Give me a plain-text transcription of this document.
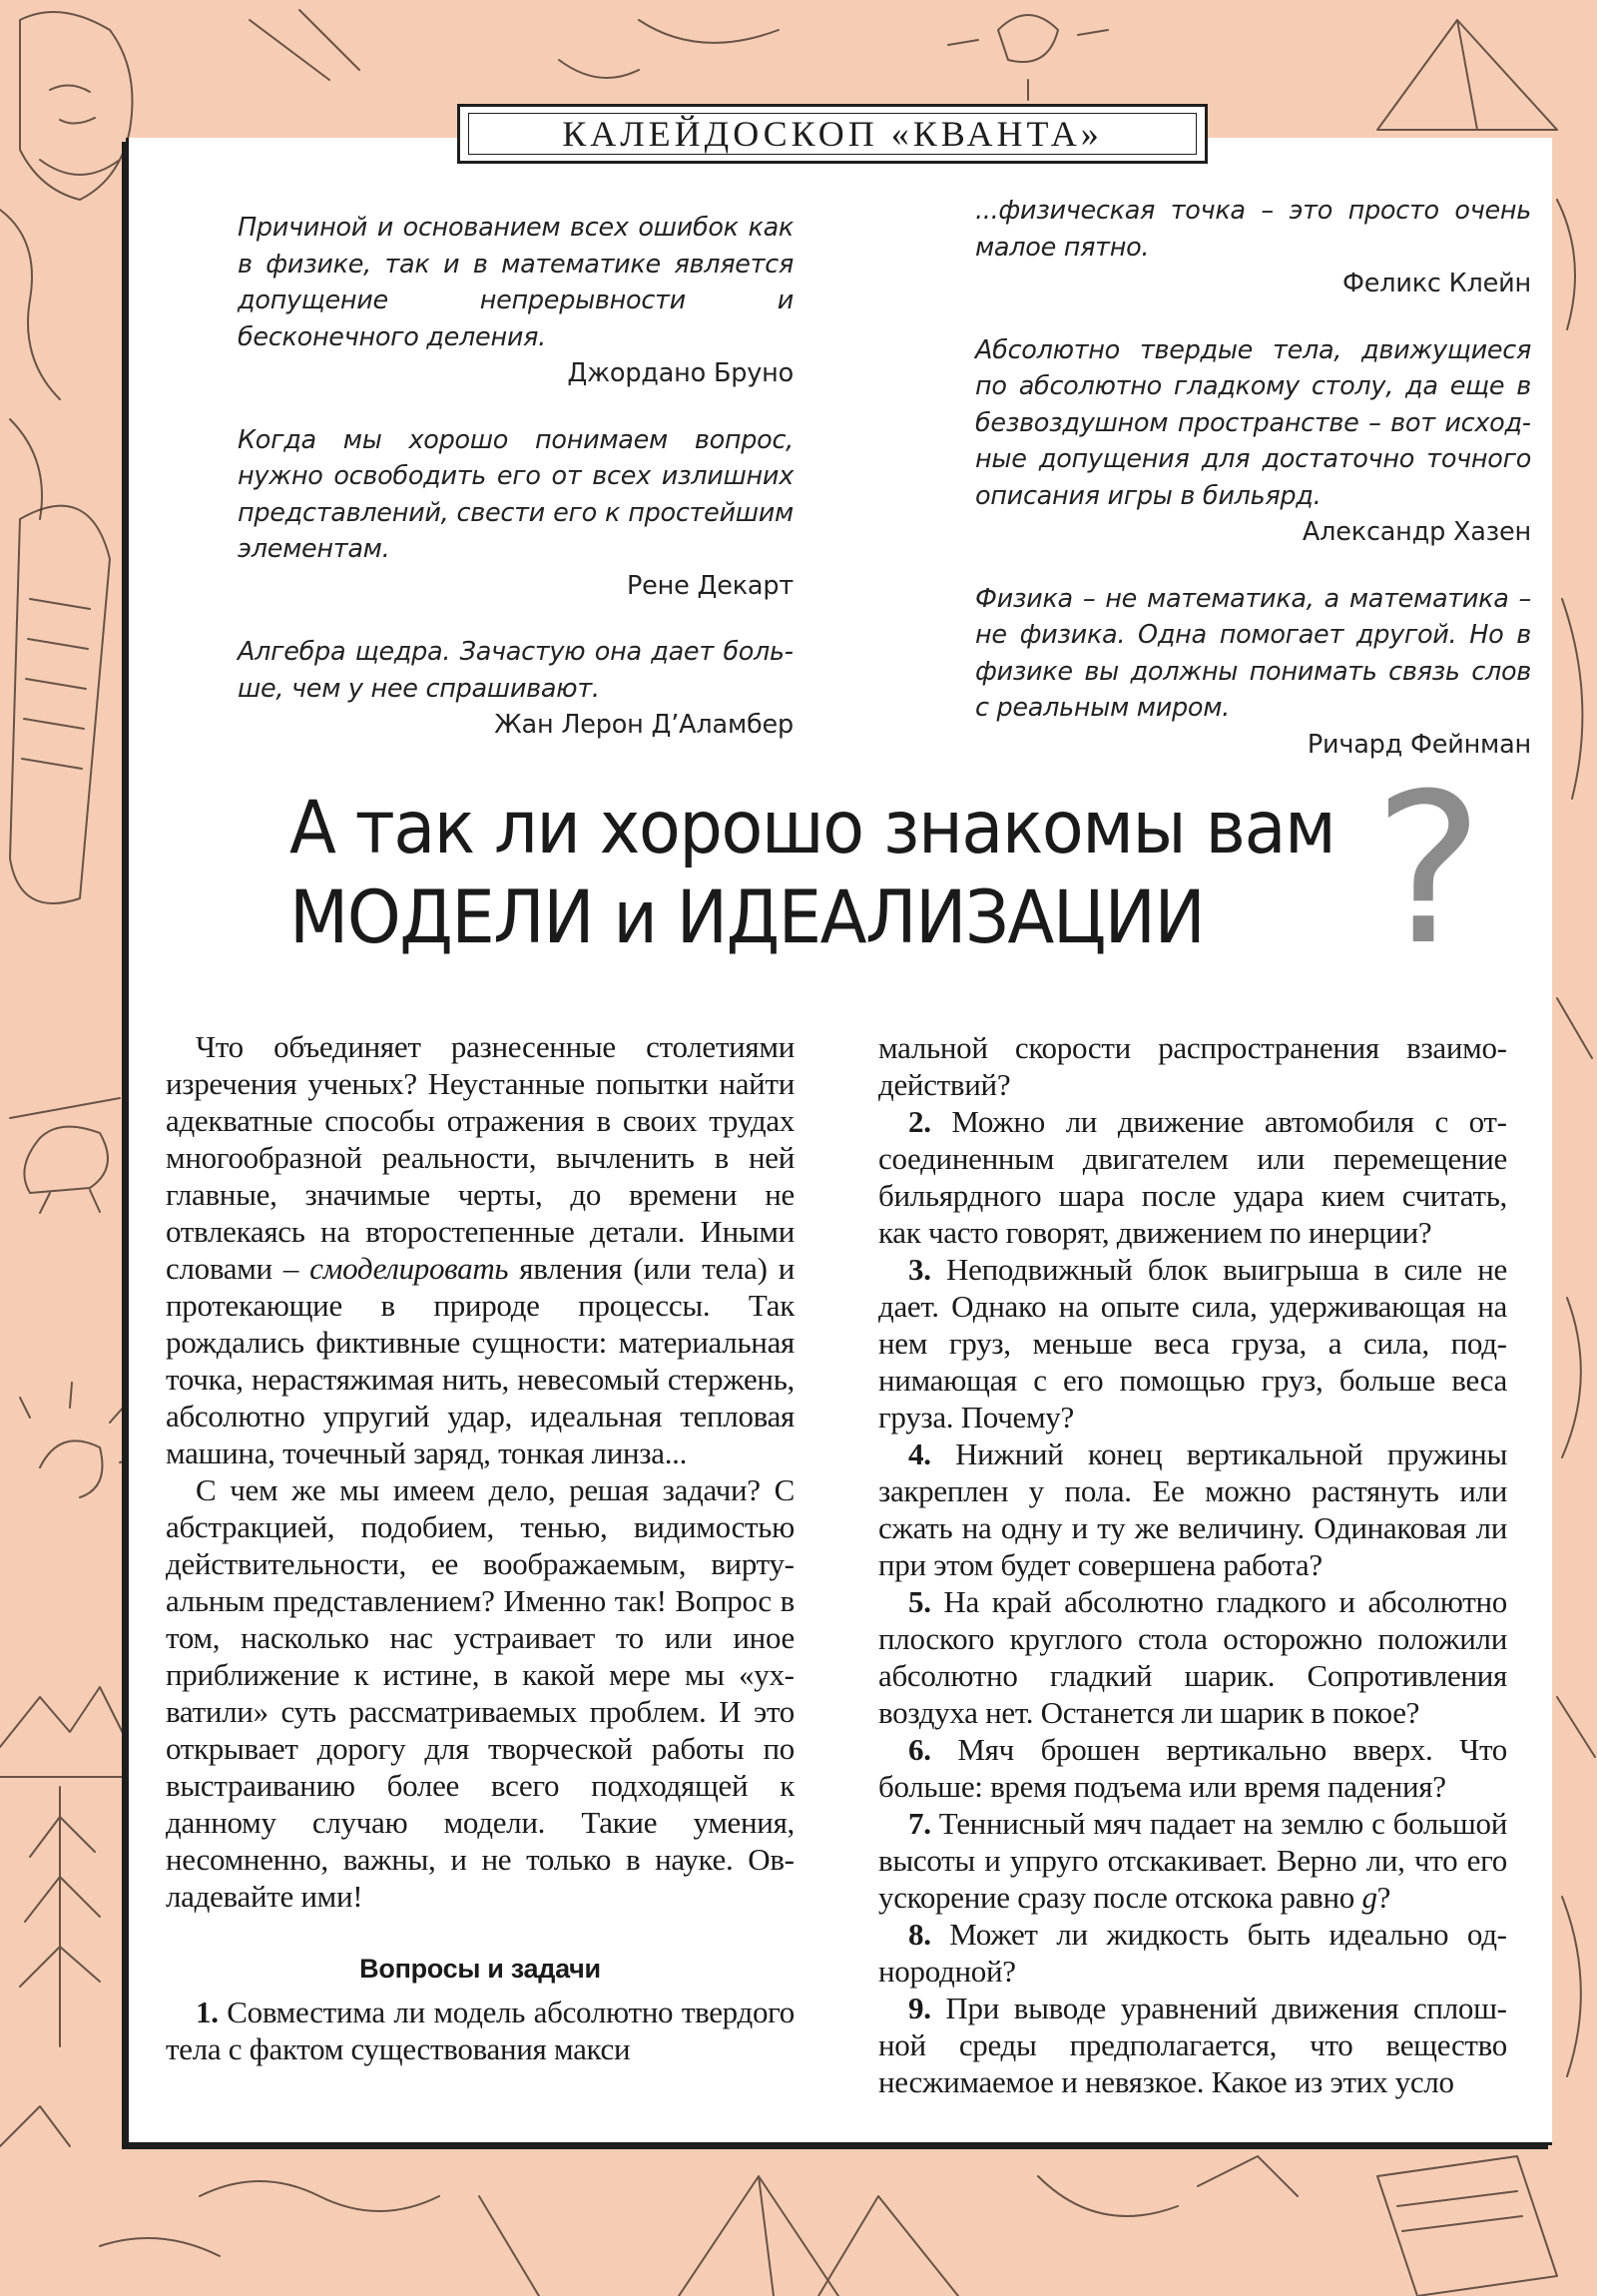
КАЛЕЙДОСКОП «КВАНТА»
Причиной и основанием всех ошибок как в физике, так и в математике является допущение непрерывности и бесконечного деления.
Джордано Бруно
Когда мы хорошо понимаем вопрос, нужно освободить его от всех излишних представлений, свести его к простейшим элементам.
Рене Декарт
Алгебра щедра. Зачастую она дает больше, чем у нее спрашивают.
Жан Лерон Д’Аламбер
...физическая точка – это просто очень малое пятно.
Феликс Клейн
Абсолютно твердые тела, движущиеся по абсолютно гладкому столу, да еще в безвоздушном пространстве – вот исходные допущения для достаточно точного описания игры в бильярд.
Александр Хазен
Физика – не математика, а математика – не физика. Одна помогает другой. Но в физике вы должны понимать связь слов с реальным миром.
Ричард Фейнман
А так ли хорошо знакомы вам
МОДЕЛИ и ИДЕАЛИЗАЦИИ ?

Что объединяет разнесенные столетиями изречения ученых? Неустанные попытки найти адекватные способы отражения в своих трудах многообразной реальности, вычленить в ней главные, значимые черты, до времени не отвлекаясь на второстепенные детали. Иными словами – смоделировать явления (или тела) и протекающие в природе процессы. Так рождались фиктивные сущности: материальная точка, нерастяжимая нить, невесомый стержень, абсолютно упругий удар, идеальная тепловая машина, точечный заряд, тонкая линза...

С чем же мы имеем дело, решая задачи? С абстракцией, подобием, тенью, видимостью действительности, ее воображаемым, виртуальным представлением? Именно так! Вопрос в том, насколько нас устраивает то или иное приближение к истине, в какой мере мы «ухватили» суть рассматриваемых проблем. И это открывает дорогу для творческой работы по выстраиванию более всего подходящей к данному случаю модели. Такие умения, несомненно, важны, и не только в науке. Овладевайте ими!

Вопросы и задачи

1. Совместима ли модель абсолютно твердого тела с фактом существования макси

мальной скорости распространения взаимодействий?

2. Можно ли движение автомобиля с отсоединенным двигателем или перемещение бильярдного шара после удара кием считать, как часто говорят, движением по инерции?

3. Неподвижный блок выигрыша в силе не дает. Однако на опыте сила, удерживающая на нем груз, меньше веса груза, а сила, поднимающая с его помощью груз, больше веса груза. Почему?

4. Нижний конец вертикальной пружины закреплен у пола. Ее можно растянуть или сжать на одну и ту же величину. Одинаковая ли при этом будет совершена работа?

5. На край абсолютно гладкого и абсолютно плоского круглого стола осторожно положили абсолютно гладкий шарик. Сопротивления воздуха нет. Останется ли шарик в покое?

6. Мяч брошен вертикально вверх. Что больше: время подъема или время падения?

7. Теннисный мяч падает на землю с большой высоты и упруго отскакивает. Верно ли, что его ускорение сразу после отскока равно g?

8. Может ли жидкость быть идеально однородной?

9. При выводе уравнений движения сплошной среды предполагается, что вещество несжимаемое и невязкое. Какое из этих усло
